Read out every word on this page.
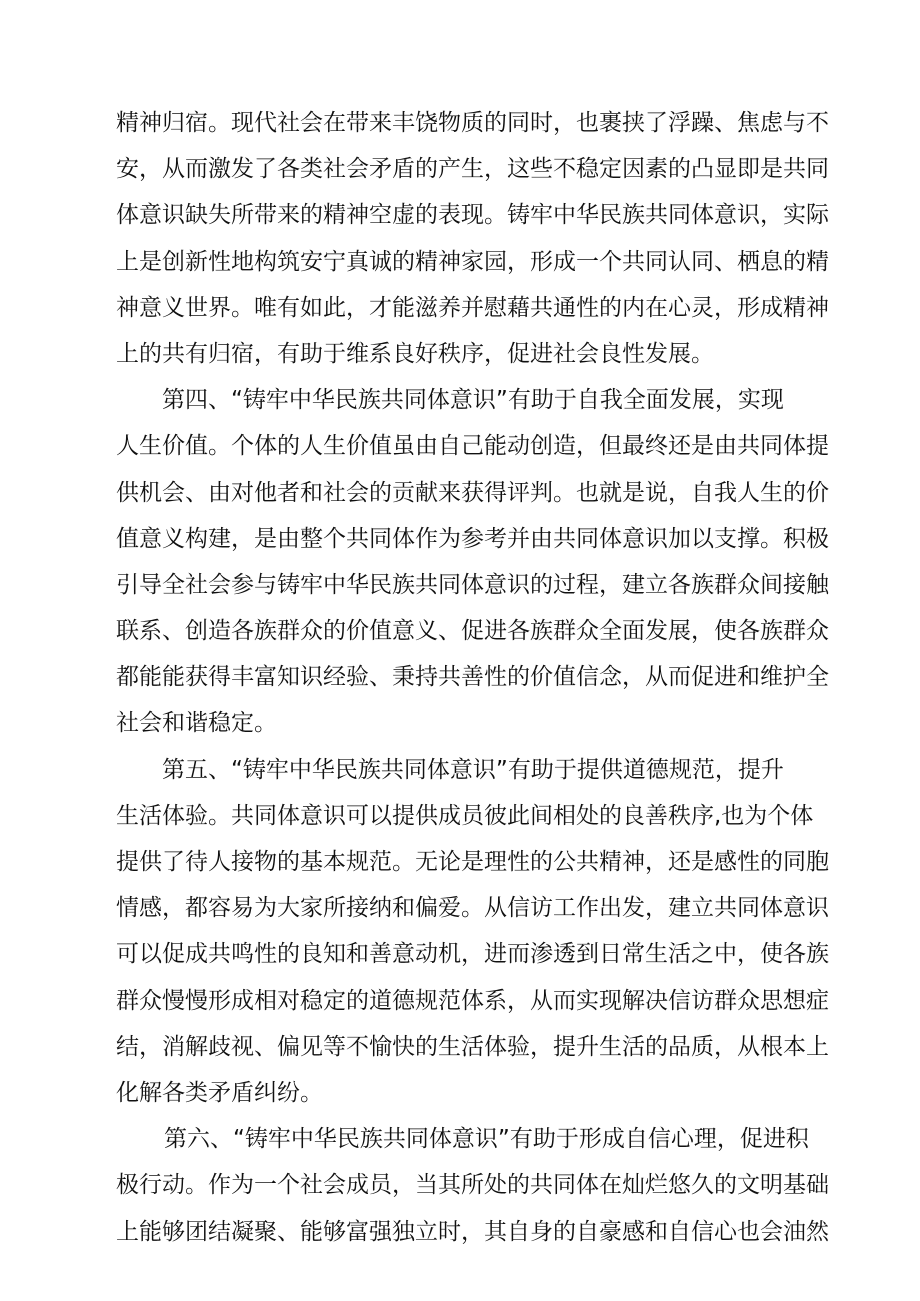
精神归宿。现代社会在带来丰饶物质的同时，也裹挟了浮躁、焦虑与不
安，从而激发了各类社会矛盾的产生，这些不稳定因素的凸显即是共同
体意识缺失所带来的精神空虚的表现。铸牢中华民族共同体意识，实际
上是创新性地构筑安宁真诚的精神家园，形成一个共同认同、栖息的精
神意义世界。唯有如此，才能滋养并慰藉共通性的内在心灵，形成精神
上的共有归宿，有助于维系良好秩序，促进社会良性发展。
第四、“铸牢中华民族共同体意识”有助于自我全面发展，实现
人生价值。个体的人生价值虽由自己能动创造，但最终还是由共同体提
供机会、由对他者和社会的贡献来获得评判。也就是说，自我人生的价
值意义构建，是由整个共同体作为参考并由共同体意识加以支撑。积极
引导全社会参与铸牢中华民族共同体意识的过程，建立各族群众间接触
联系、创造各族群众的价值意义、促进各族群众全面发展，使各族群众
都能能获得丰富知识经验、秉持共善性的价值信念，从而促进和维护全
社会和谐稳定。
第五、“铸牢中华民族共同体意识”有助于提供道德规范，提升
生活体验。共同体意识可以提供成员彼此间相处的良善秩序,也为个体
提供了待人接物的基本规范。无论是理性的公共精神，还是感性的同胞
情感，都容易为大家所接纳和偏爱。从信访工作出发，建立共同体意识
可以促成共鸣性的良知和善意动机，进而渗透到日常生活之中，使各族
群众慢慢形成相对稳定的道德规范体系，从而实现解决信访群众思想症
结，消解歧视、偏见等不愉快的生活体验，提升生活的品质，从根本上
化解各类矛盾纠纷。
第六、“铸牢中华民族共同体意识”有助于形成自信心理，促进积
极行动。作为一个社会成员，当其所处的共同体在灿烂悠久的文明基础
上能够团结凝聚、能够富强独立时，其自身的自豪感和自信心也会油然
